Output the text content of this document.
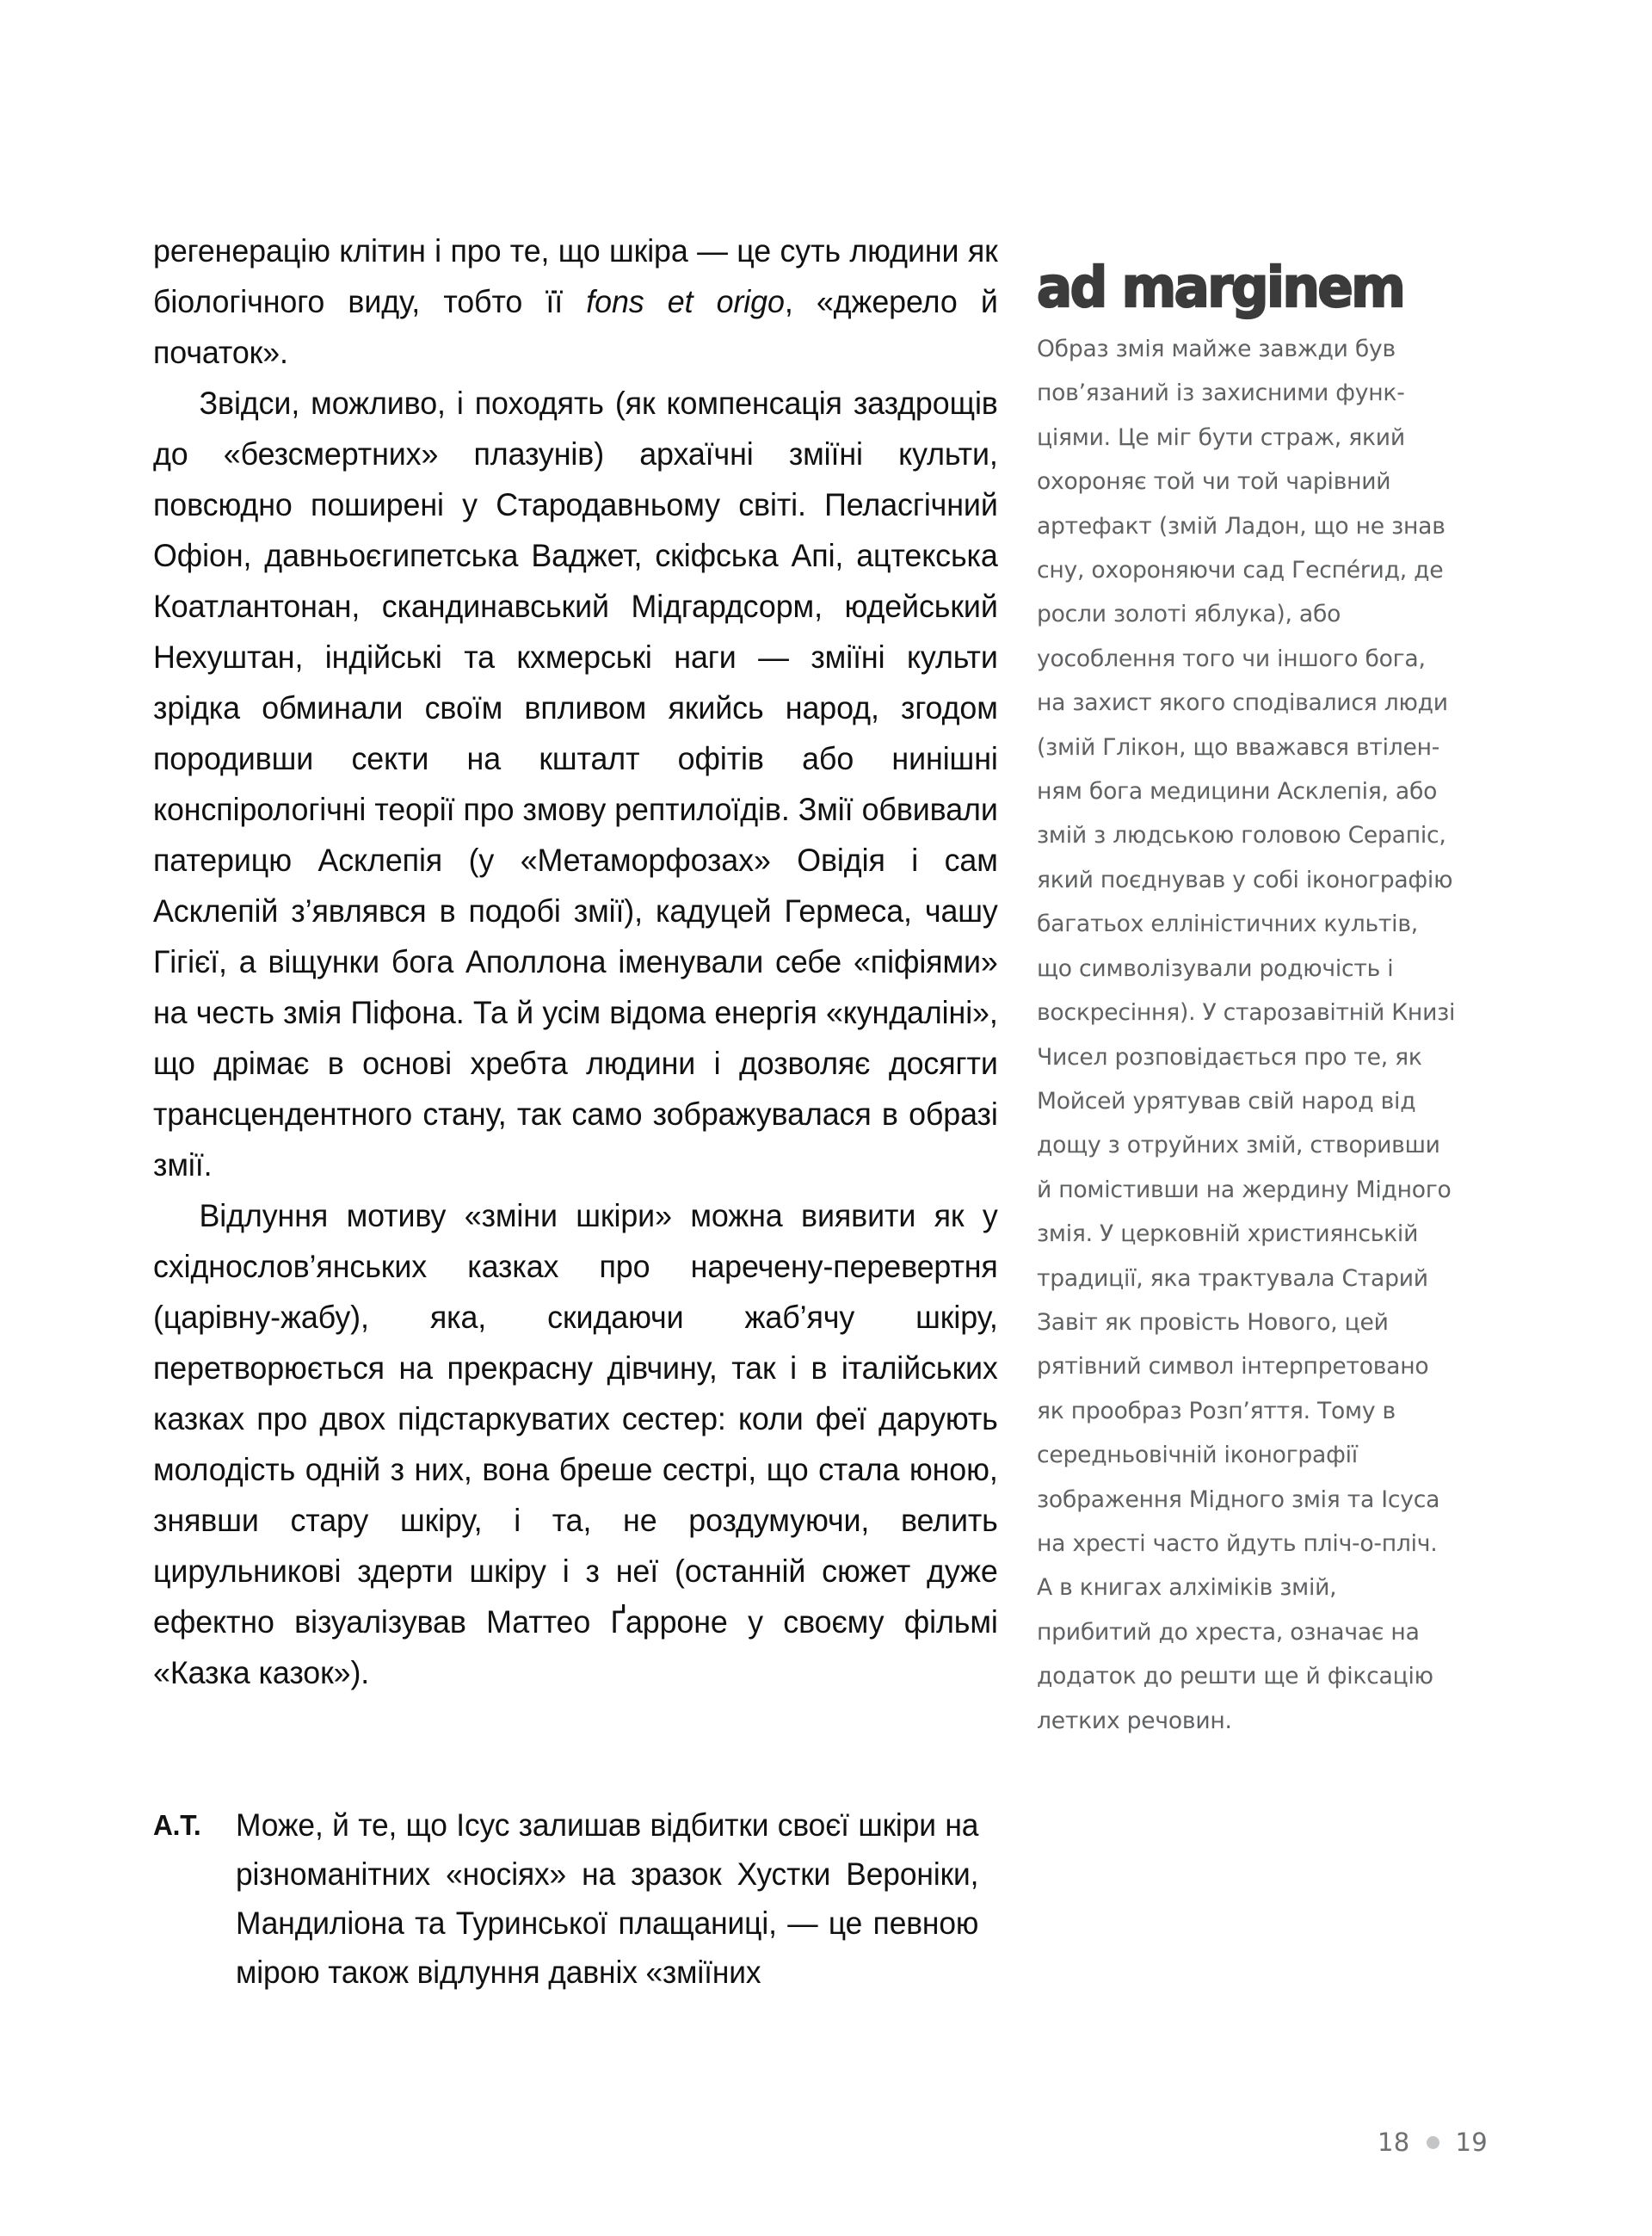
регенерацію клітин і про те, що шкіра — це суть людини як біологічного виду, тобто її fons et origo, «джерело й початок».

Звідси, можливо, і походять (як компенсація заздрощів до «безсмертних» плазунів) архаїчні зміїні культи, повсюдно поширені у Стародавньому світі. Пеласгічний Офіон, давньоєгипетська Ваджет, скіфська Апі, ацтекська Коатлантонан, скандинавський Мідгардсорм, юдейський Нехуштан, індійські та кхмерські наги — зміїні культи зрідка обминали своїм впливом якийсь народ, згодом породивши секти на кшталт офітів або нинішні конспірологічні теорії про змову рептилоїдів. Змії обвивали патерицю Асклепія (у «Метаморфозах» Овідія і сам Асклепій з’являвся в подобі змії), кадуцей Гермеса, чашу Гігієї, а віщунки бога Аполлона іменували себе «піфіями» на честь змія Піфона. Та й усім відома енергія «кундаліні», що дрімає в основі хребта людини і дозволяє досягти трансцендентного стану, так само зображувалася в образі змії.

Відлуння мотиву «зміни шкіри» можна виявити як у східнослов’янських казках про наречену-перевертня (царівну-жабу), яка, скидаючи жаб’ячу шкіру, перетворюється на прекрасну дівчину, так і в італійських казках про двох підстаркуватих сестер: коли феї дарують молодість одній з них, вона бреше сестрі, що стала юною, знявши стару шкіру, і та, не роздумуючи, велить цирульникові здерти шкіру і з неї (останній сюжет дуже ефектно візуалізував Маттео Ґарроне у своєму фільмі «Казка казок»).

А.Т.	Може, й те, що Ісус залишав відбитки своєї шкіри на різноманітних «носіях» на зразок Хустки Вероніки, Мандиліона та Туринської плащаниці, — це певною мірою також відлуння давніх «зміїних

ad marginem

Образ змія майже завжди був пов’язаний із захисними функціями. Це міг бути страж, який охороняє той чи той чарівний артефакт (змій Ладон, що не знав сну, охороняючи сад Геспérид, де росли золоті яблука), або уособлення того чи іншого бога, на захист якого сподівалися люди (змій Глікон, що вважався втіленням бога медицини Асклепія, або змій з людською головою Серапіс, який поєднував у собі іконографію багатьох елліністичних культів, що символізували родючість і воскресіння). У старозавітній Книзі Чисел розповідається про те, як Мойсей урятував свій народ від дощу з отруйних змій, створивши й помістивши на жердину Мідного змія. У церковній християнській традиції, яка трактувала Старий Завіт як провість Нового, цей рятівний символ інтерпретовано як прообраз Розп’яття. Тому в середньовічній іконографії зображення Мідного змія та Ісуса на хресті часто йдуть пліч-о-пліч. А в книгах алхіміків змій, прибитий до хреста, означає на додаток до решти ще й фіксацію летких речовин.

18 19
